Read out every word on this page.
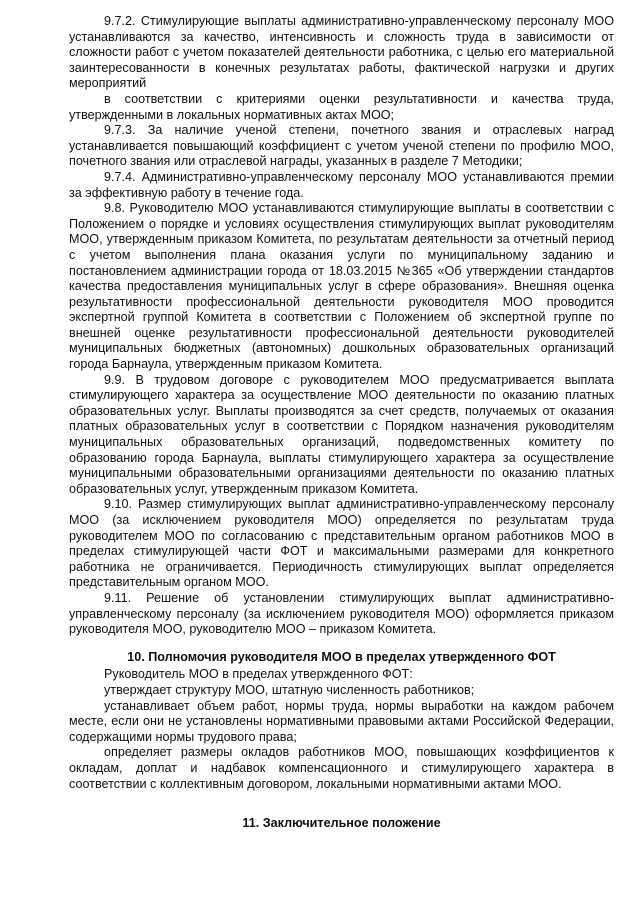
9.7.2. Стимулирующие выплаты административно-управленческому персоналу МОО устанавливаются за качество, интенсивность и сложность труда в зависимости от сложности работ с учетом показателей деятельности работника, с целью его материальной заинтересованности в конечных результатах работы, фактической нагрузки и других мероприятий

в соответствии с критериями оценки результативности и качества труда, утвержденными в локальных нормативных актах МОО;

9.7.3. За наличие ученой степени, почетного звания и отраслевых наград устанавливается повышающий коэффициент с учетом ученой степени по профилю МОО, почетного звания или отраслевой награды, указанных в разделе 7 Методики;

9.7.4. Административно-управленческому персоналу МОО устанавливаются премии за эффективную работу в течение года.

9.8. Руководителю МОО устанавливаются стимулирующие выплаты в соответствии с Положением о порядке и условиях осуществления стимулирующих выплат руководителям МОО, утвержденным приказом Комитета, по результатам деятельности за отчетный период с учетом выполнения плана оказания услуги по муниципальному заданию и постановлением администрации города от 18.03.2015 №365 «Об утверждении стандартов качества предоставления муниципальных услуг в сфере образования». Внешняя оценка результативности профессиональной деятельности руководителя МОО проводится экспертной группой Комитета в соответствии с Положением об экспертной группе по внешней оценке результативности профессиональной деятельности руководителей муниципальных бюджетных (автономных) дошкольных образовательных организаций города Барнаула, утвержденным приказом Комитета.

9.9. В трудовом договоре с руководителем МОО предусматривается выплата стимулирующего характера за осуществление МОО деятельности по оказанию платных образовательных услуг. Выплаты производятся за счет средств, получаемых от оказания платных образовательных услуг в соответствии с Порядком назначения руководителям муниципальных образовательных организаций, подведомственных комитету по образованию города Барнаула, выплаты стимулирующего характера за осуществление муниципальными образовательными организациями деятельности по оказанию платных образовательных услуг, утвержденным приказом Комитета.

9.10. Размер стимулирующих выплат административно-управленческому персоналу МОО (за исключением руководителя МОО) определяется по результатам труда руководителем МОО по согласованию с представительным органом работников МОО в пределах стимулирующей части ФОТ и максимальными размерами для конкретного работника не ограничивается. Периодичность стимулирующих выплат определяется представительным органом МОО.

9.11. Решение об установлении стимулирующих выплат административно-управленческому персоналу (за исключением руководителя МОО) оформляется приказом руководителя МОО, руководителю МОО – приказом Комитета.

10. Полномочия руководителя МОО в пределах утвержденного ФОТ

Руководитель МОО в пределах утвержденного ФОТ:

утверждает структуру МОО, штатную численность работников;

устанавливает объем работ, нормы труда, нормы выработки на каждом рабочем месте, если они не установлены нормативными правовыми актами Российской Федерации, содержащими нормы трудового права;

определяет размеры окладов работников МОО, повышающих коэффициентов к окладам, доплат и надбавок компенсационного и стимулирующего характера в соответствии с коллективным договором, локальными нормативными актами МОО.

11. Заключительное положение
